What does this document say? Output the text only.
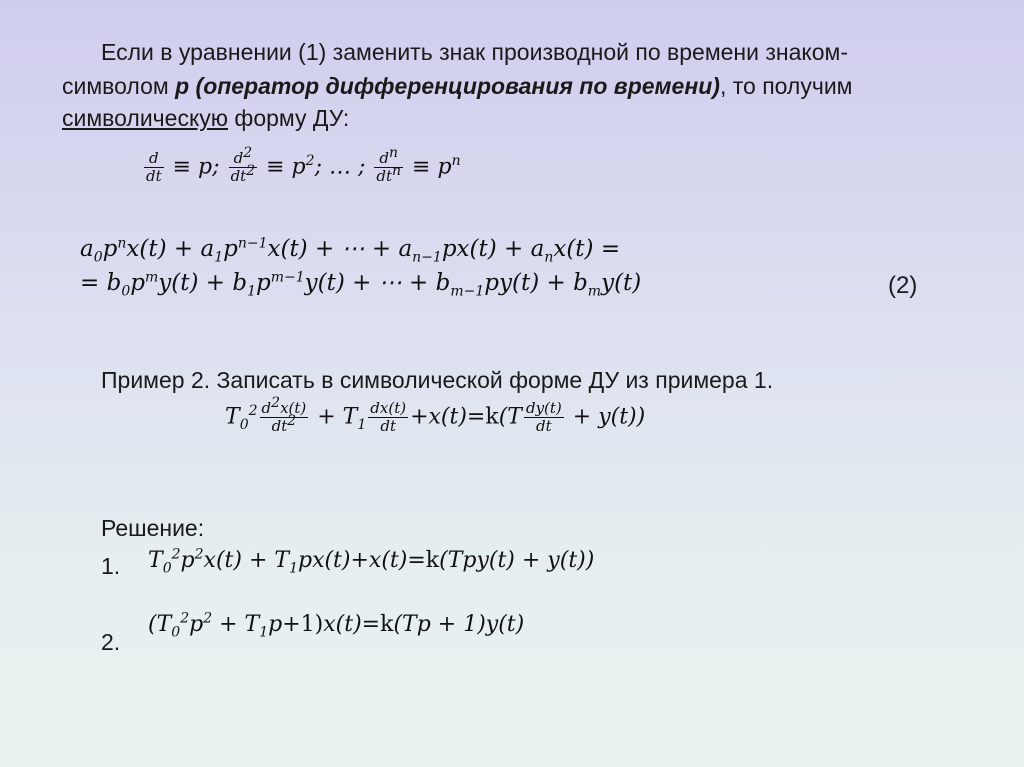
Если в уравнении (1) заменить знак производной по времени знаком-
символом р (оператор дифференцирования по времени), то получим
символическую форму ДУ:
$\frac{d}{dt} \equiv p$; $\frac{d^2}{dt^2} \equiv p^2$; … ; $\frac{d^n}{dt^n} \equiv p^n$
$a_0p^nx(t) + a_1p^{n-1}x(t)$ + ⋯ + $a_{n-1}px(t) + a_nx(t)$ =
= $b_0p^my(t) + b_1p^{m-1}y(t)$ + ⋯ + $b_{m-1}py(t) + b_my(t)$	(2)
Пример 2. Записать в символической форме ДУ из примера 1.
$T_0^2 \frac{d^2x(t)}{dt^2} + T_1 \frac{dx(t)}{dt} +x(t)=k(T \frac{dy(t)}{dt} + y(t))$
Решение:
1. $T_0^2p^2x(t) + T_1px(t)+x(t)=k(Tpy(t) + y(t))$
2.
$(T_0^2p^2 + T_1p+1)x(t)=k(Tp + 1)y(t)$
